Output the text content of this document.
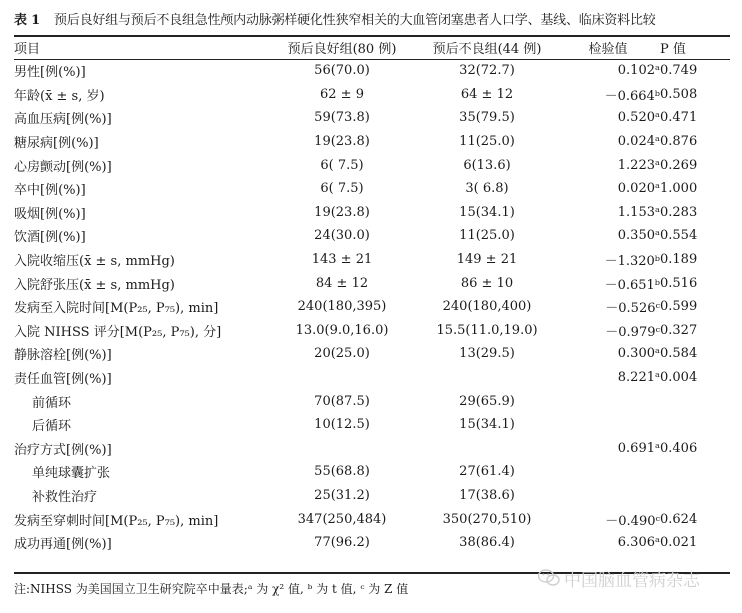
表 1 预后良好组与预后不良组急性颅内动脉粥样硬化性狭窄相关的大血管闭塞患者人口学、基线、临床资料比较
项目	预后良好组(80 例)	预后不良组(44 例)	检验值	P 值
男性[例(%)]	56(70.0)	32(72.7)	0.102ᵃ	0.749
年龄(x̄ ± s, 岁)	62 ± 9	64 ± 12	－0.664ᵇ	0.508
高血压病[例(%)]	59(73.8)	35(79.5)	0.520ᵃ	0.471
糖尿病[例(%)]	19(23.8)	11(25.0)	0.024ᵃ	0.876
心房颤动[例(%)]	6( 7.5)	6(13.6)	1.223ᵃ	0.269
卒中[例(%)]	6( 7.5)	3( 6.8)	0.020ᵃ	1.000
吸烟[例(%)]	19(23.8)	15(34.1)	1.153ᵃ	0.283
饮酒[例(%)]	24(30.0)	11(25.0)	0.350ᵃ	0.554
入院收缩压(x̄ ± s, mmHg)	143 ± 21	149 ± 21	－1.320ᵇ	0.189
入院舒张压(x̄ ± s, mmHg)	84 ± 12	86 ± 10	－0.651ᵇ	0.516
发病至入院时间[M(P₂₅, P₇₅), min]	240(180,395)	240(180,400)	－0.526ᶜ	0.599
入院 NIHSS 评分[M(P₂₅, P₇₅), 分]	13.0(9.0,16.0)	15.5(11.0,19.0)	－0.979ᶜ	0.327
静脉溶栓[例(%)]	20(25.0)	13(29.5)	0.300ᵃ	0.584
责任血管[例(%)]			8.221ᵃ	0.004
前循环	70(87.5)	29(65.9)		
后循环	10(12.5)	15(34.1)		
治疗方式[例(%)]			0.691ᵃ	0.406
单纯球囊扩张	55(68.8)	27(61.4)		
补救性治疗	25(31.2)	17(38.6)		
发病至穿刺时间[M(P₂₅, P₇₅), min]	347(250,484)	350(270,510)	－0.490ᶜ	0.624
成功再通[例(%)]	77(96.2)	38(86.4)	6.306ᵃ	0.021
注:NIHSS 为美国国立卫生研究院卒中量表;ᵃ 为 χ² 值, ᵇ 为 t 值, ᶜ 为 Z 值	中国脑血管病杂志
